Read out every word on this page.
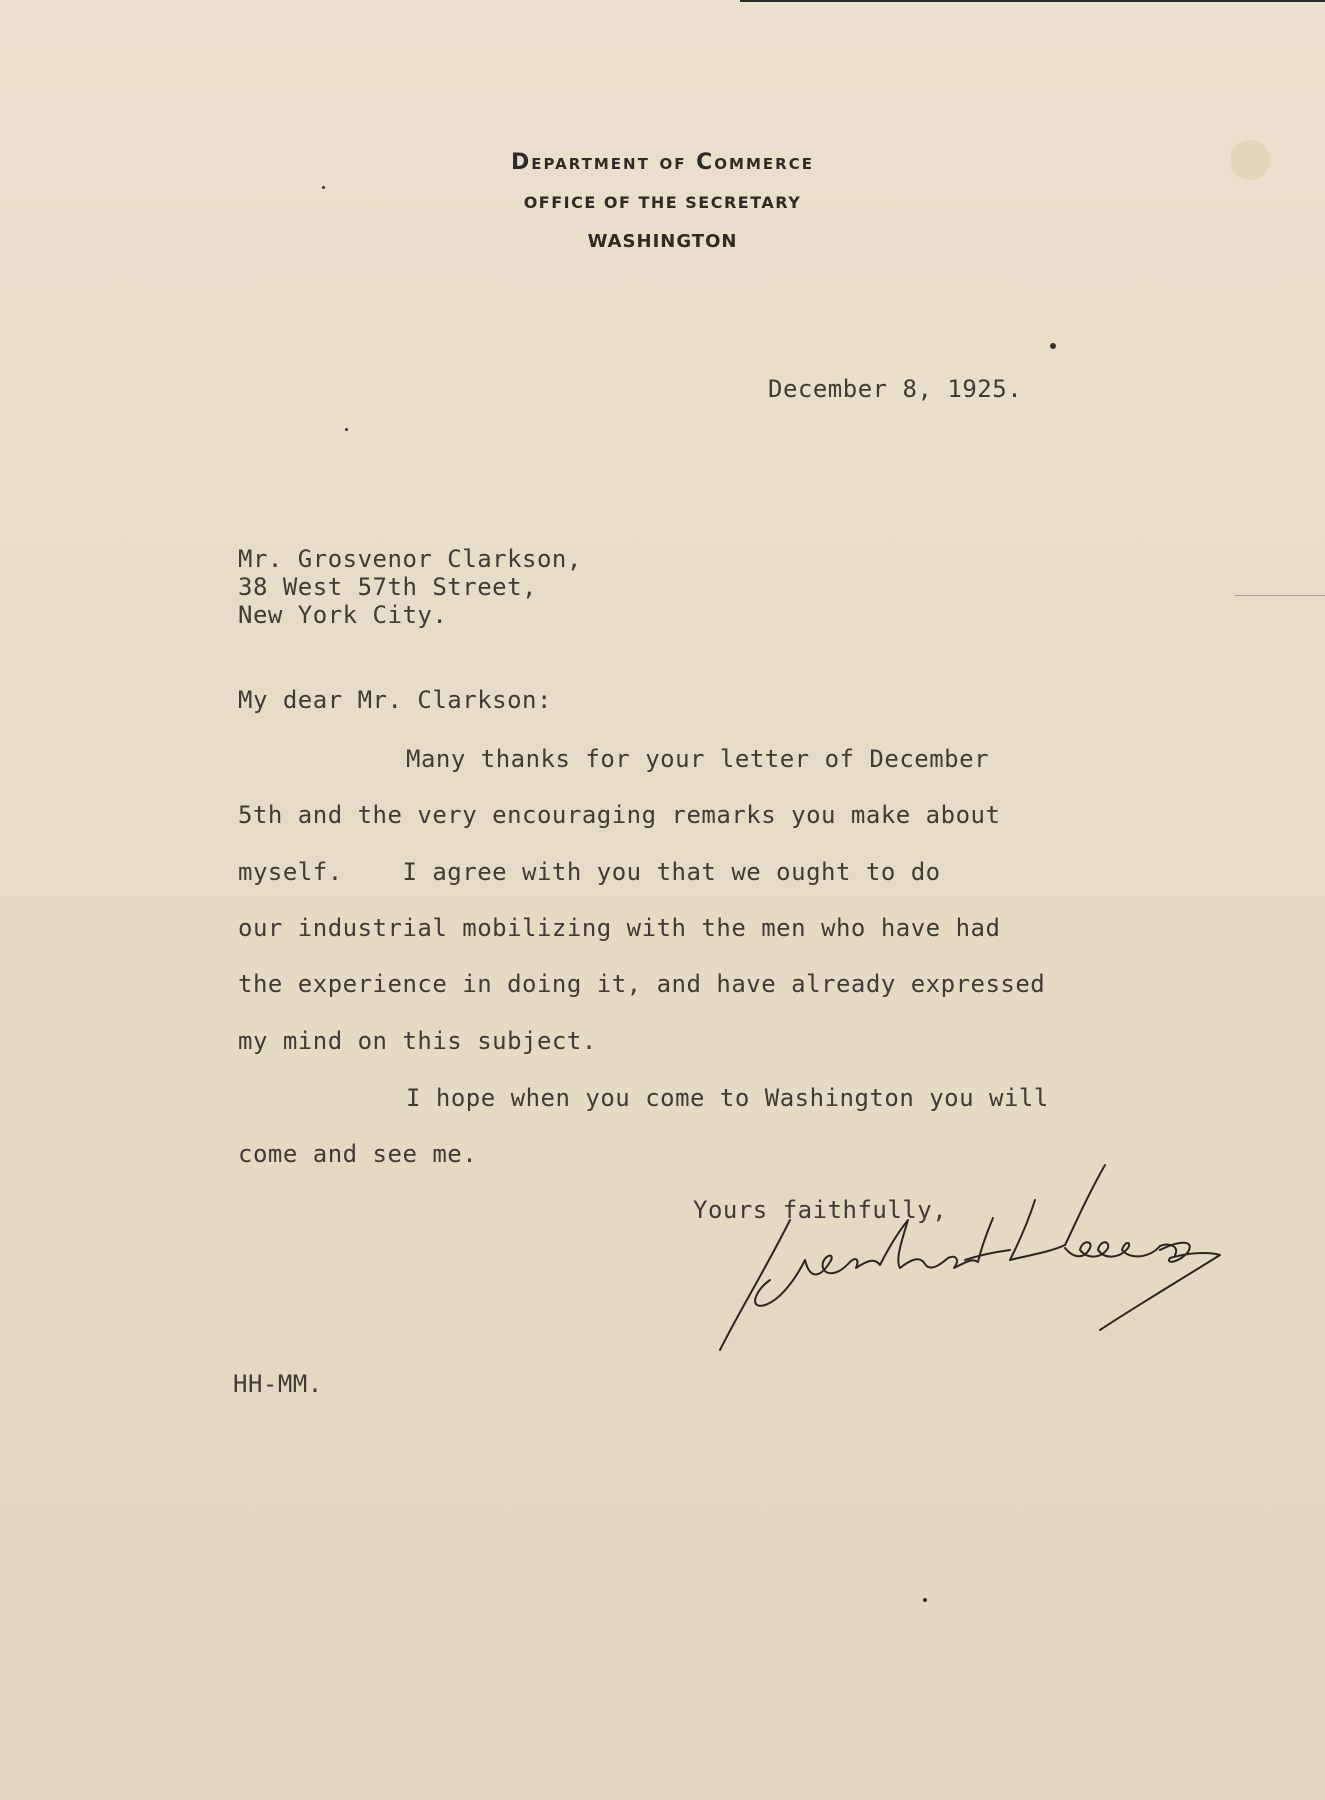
Department of Commerce
OFFICE OF THE SECRETARY
WASHINGTON
December 8, 1925.
Mr. Grosvenor Clarkson,
38 West 57th Street,
New York City.
My dear Mr. Clarkson:
Many thanks for your letter of December
5th and the very encouraging remarks you make about
myself.    I agree with you that we ought to do
our industrial mobilizing with the men who have had
the experience in doing it, and have already expressed
my mind on this subject.
I hope when you come to Washington you will
come and see me.
Yours faithfully,
HH-MM.
